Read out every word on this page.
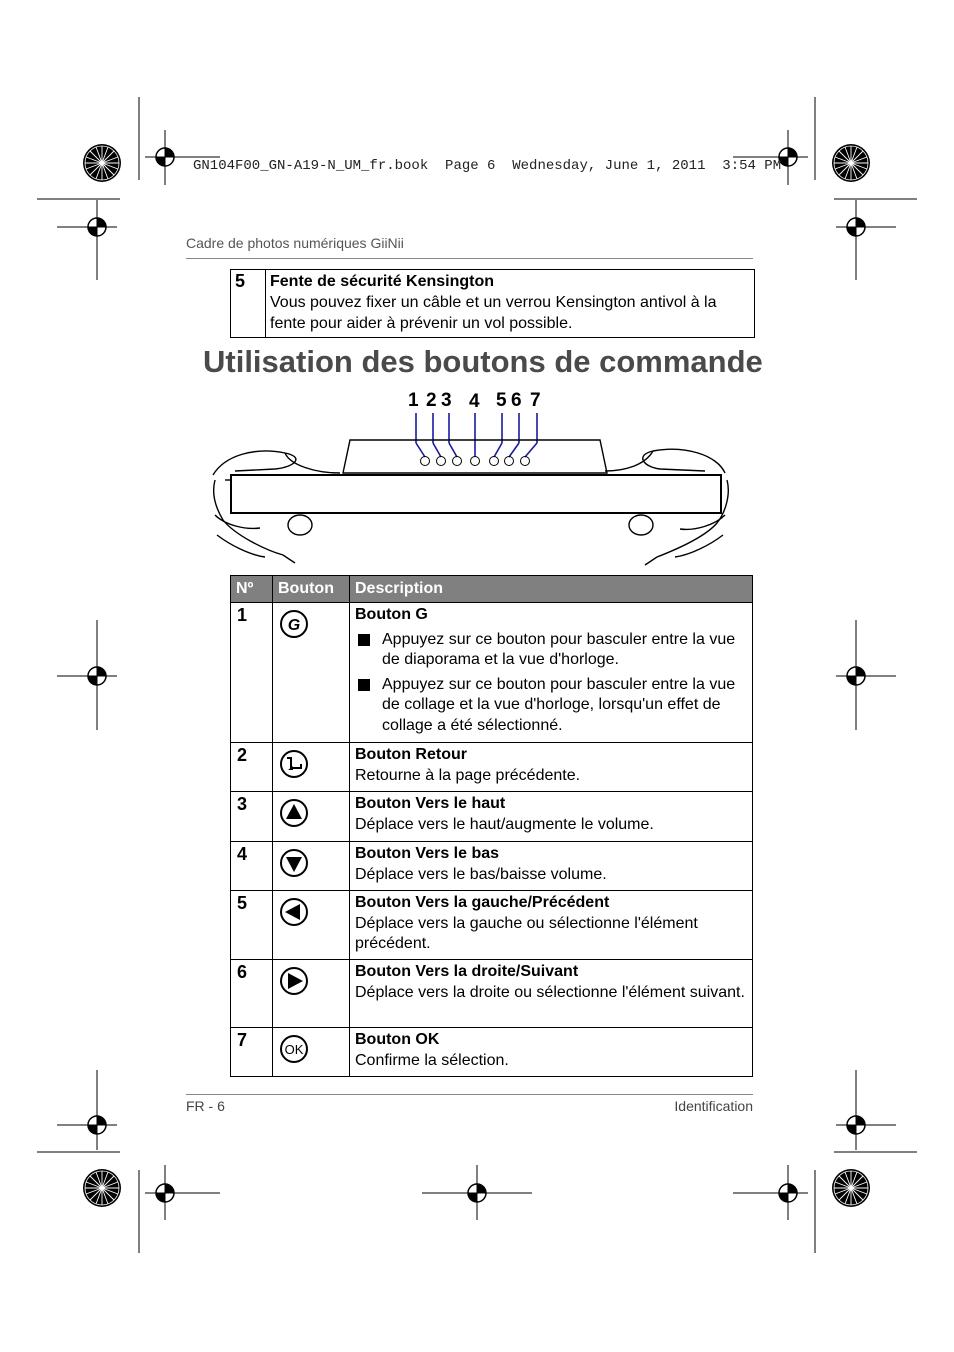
GN104F00_GN-A19-N_UM_fr.book  Page 6  Wednesday, June 1, 2011  3:54 PM
Cadre de photos numériques GiiNii
5	Fente de sécurité Kensington
Vous pouvez fixer un câble et un verrou Kensington antivol à la fente pour aider à prévenir un vol possible.
Utilisation des boutons de commande
1 2 3 4 5 6 7
Nº	Bouton	Description
1	G	Bouton G
Appuyez sur ce bouton pour basculer entre la vue de diaporama et la vue d'horloge.
Appuyez sur ce bouton pour basculer entre la vue de collage et la vue d'horloge, lorsqu'un effet de collage a été sélectionné.

2		Bouton Retour
Retourne à la page précédente.
3		Bouton Vers le haut
Déplace vers le haut/augmente le volume.
4		Bouton Vers le bas
Déplace vers le bas/baisse volume.
5		Bouton Vers la gauche/Précédent
Déplace vers la gauche ou sélectionne l'élément précédent.
6		Bouton Vers la droite/Suivant
Déplace vers la droite ou sélectionne l'élément suivant.
7	OK	Bouton OK
Confirme la sélection.
FR - 6	Identification
